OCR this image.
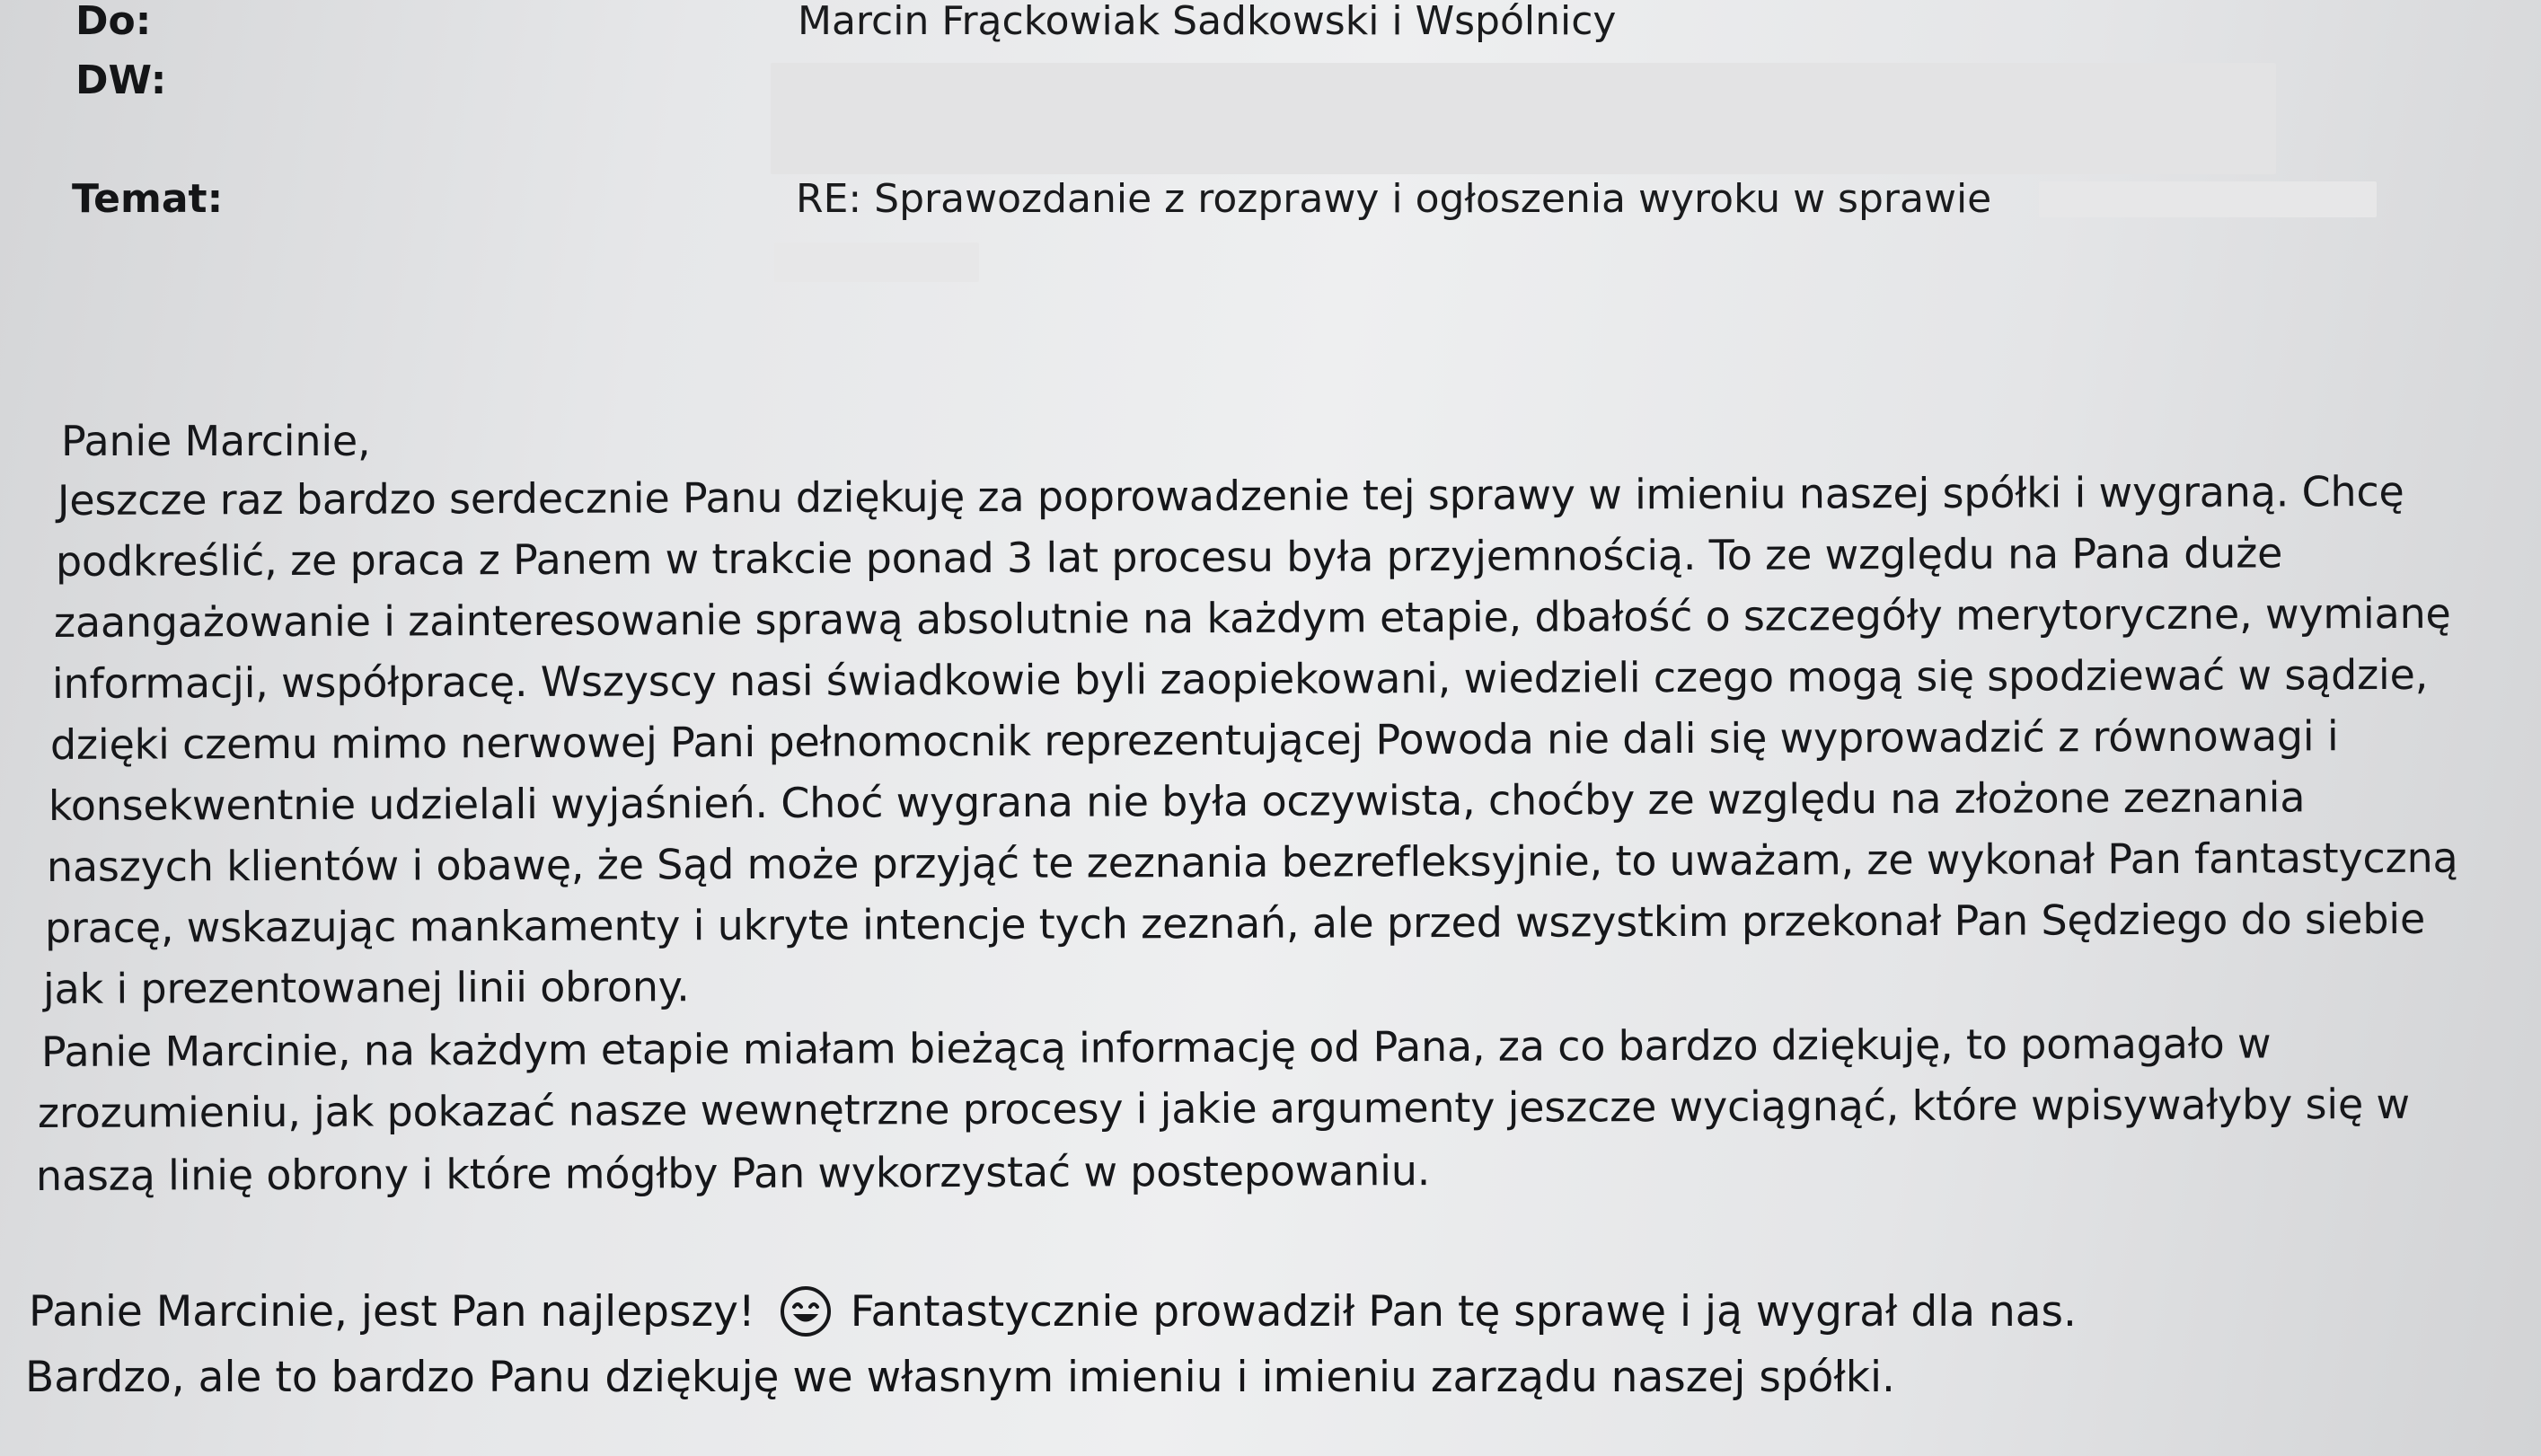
Do:	Marcin Frąckowiak Sadkowski i Wspólnicy
DW:
Temat:	RE: Sprawozdanie z rozprawy i ogłoszenia wyroku w sprawie
Panie Marcinie,
Jeszcze raz bardzo serdecznie Panu dziękuję za poprowadzenie tej sprawy w imieniu naszej spółki i wygraną. Chcę
podkreślić, ze praca z Panem w trakcie ponad 3 lat procesu była przyjemnością. To ze względu na Pana duże
zaangażowanie i zainteresowanie sprawą absolutnie na każdym etapie, dbałość o szczegóły merytoryczne, wymianę
informacji, współpracę. Wszyscy nasi świadkowie byli zaopiekowani, wiedzieli czego mogą się spodziewać w sądzie,
dzięki czemu mimo nerwowej Pani pełnomocnik reprezentującej Powoda nie dali się wyprowadzić z równowagi i
konsekwentnie udzielali wyjaśnień. Choć wygrana nie była oczywista, choćby ze względu na złożone zeznania
naszych klientów i obawę, że Sąd może przyjąć te zeznania bezrefleksyjnie, to uważam, ze wykonał Pan fantastyczną
pracę, wskazując mankamenty i ukryte intencje tych zeznań, ale przed wszystkim przekonał Pan Sędziego do siebie
jak i prezentowanej linii obrony.
Panie Marcinie, na każdym etapie miałam bieżącą informację od Pana, za co bardzo dziękuję, to pomagało w
zrozumieniu, jak pokazać nasze wewnętrzne procesy i jakie argumenty jeszcze wyciągnąć, które wpisywałyby się w
naszą linię obrony i które mógłby Pan wykorzystać w postepowaniu.
Panie Marcinie, jest Pan najlepszy! Fantastycznie prowadził Pan tę sprawę i ją wygrał dla nas.
Bardzo, ale to bardzo Panu dziękuję we własnym imieniu i imieniu zarządu naszej spółki.
